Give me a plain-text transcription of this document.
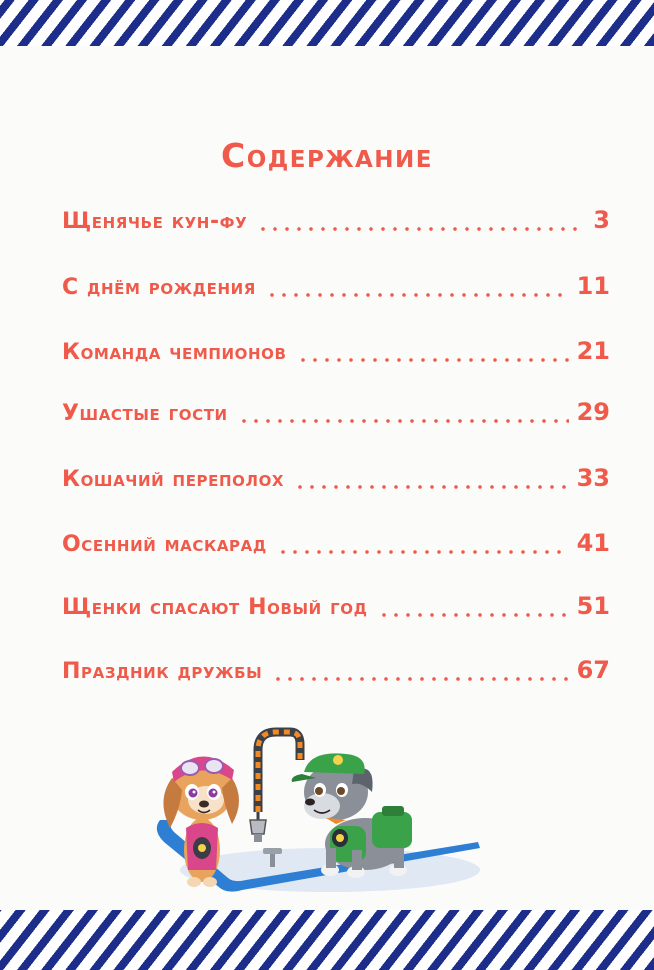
Содержание
Щенячье кун-фу	3
С днём рождения	11
Команда чемпионов	21
Ушастые гости	29
Кошачий переполох	33
Осенний маскарад	41
Щенки спасают Новый год	51
Праздник дружбы	67
